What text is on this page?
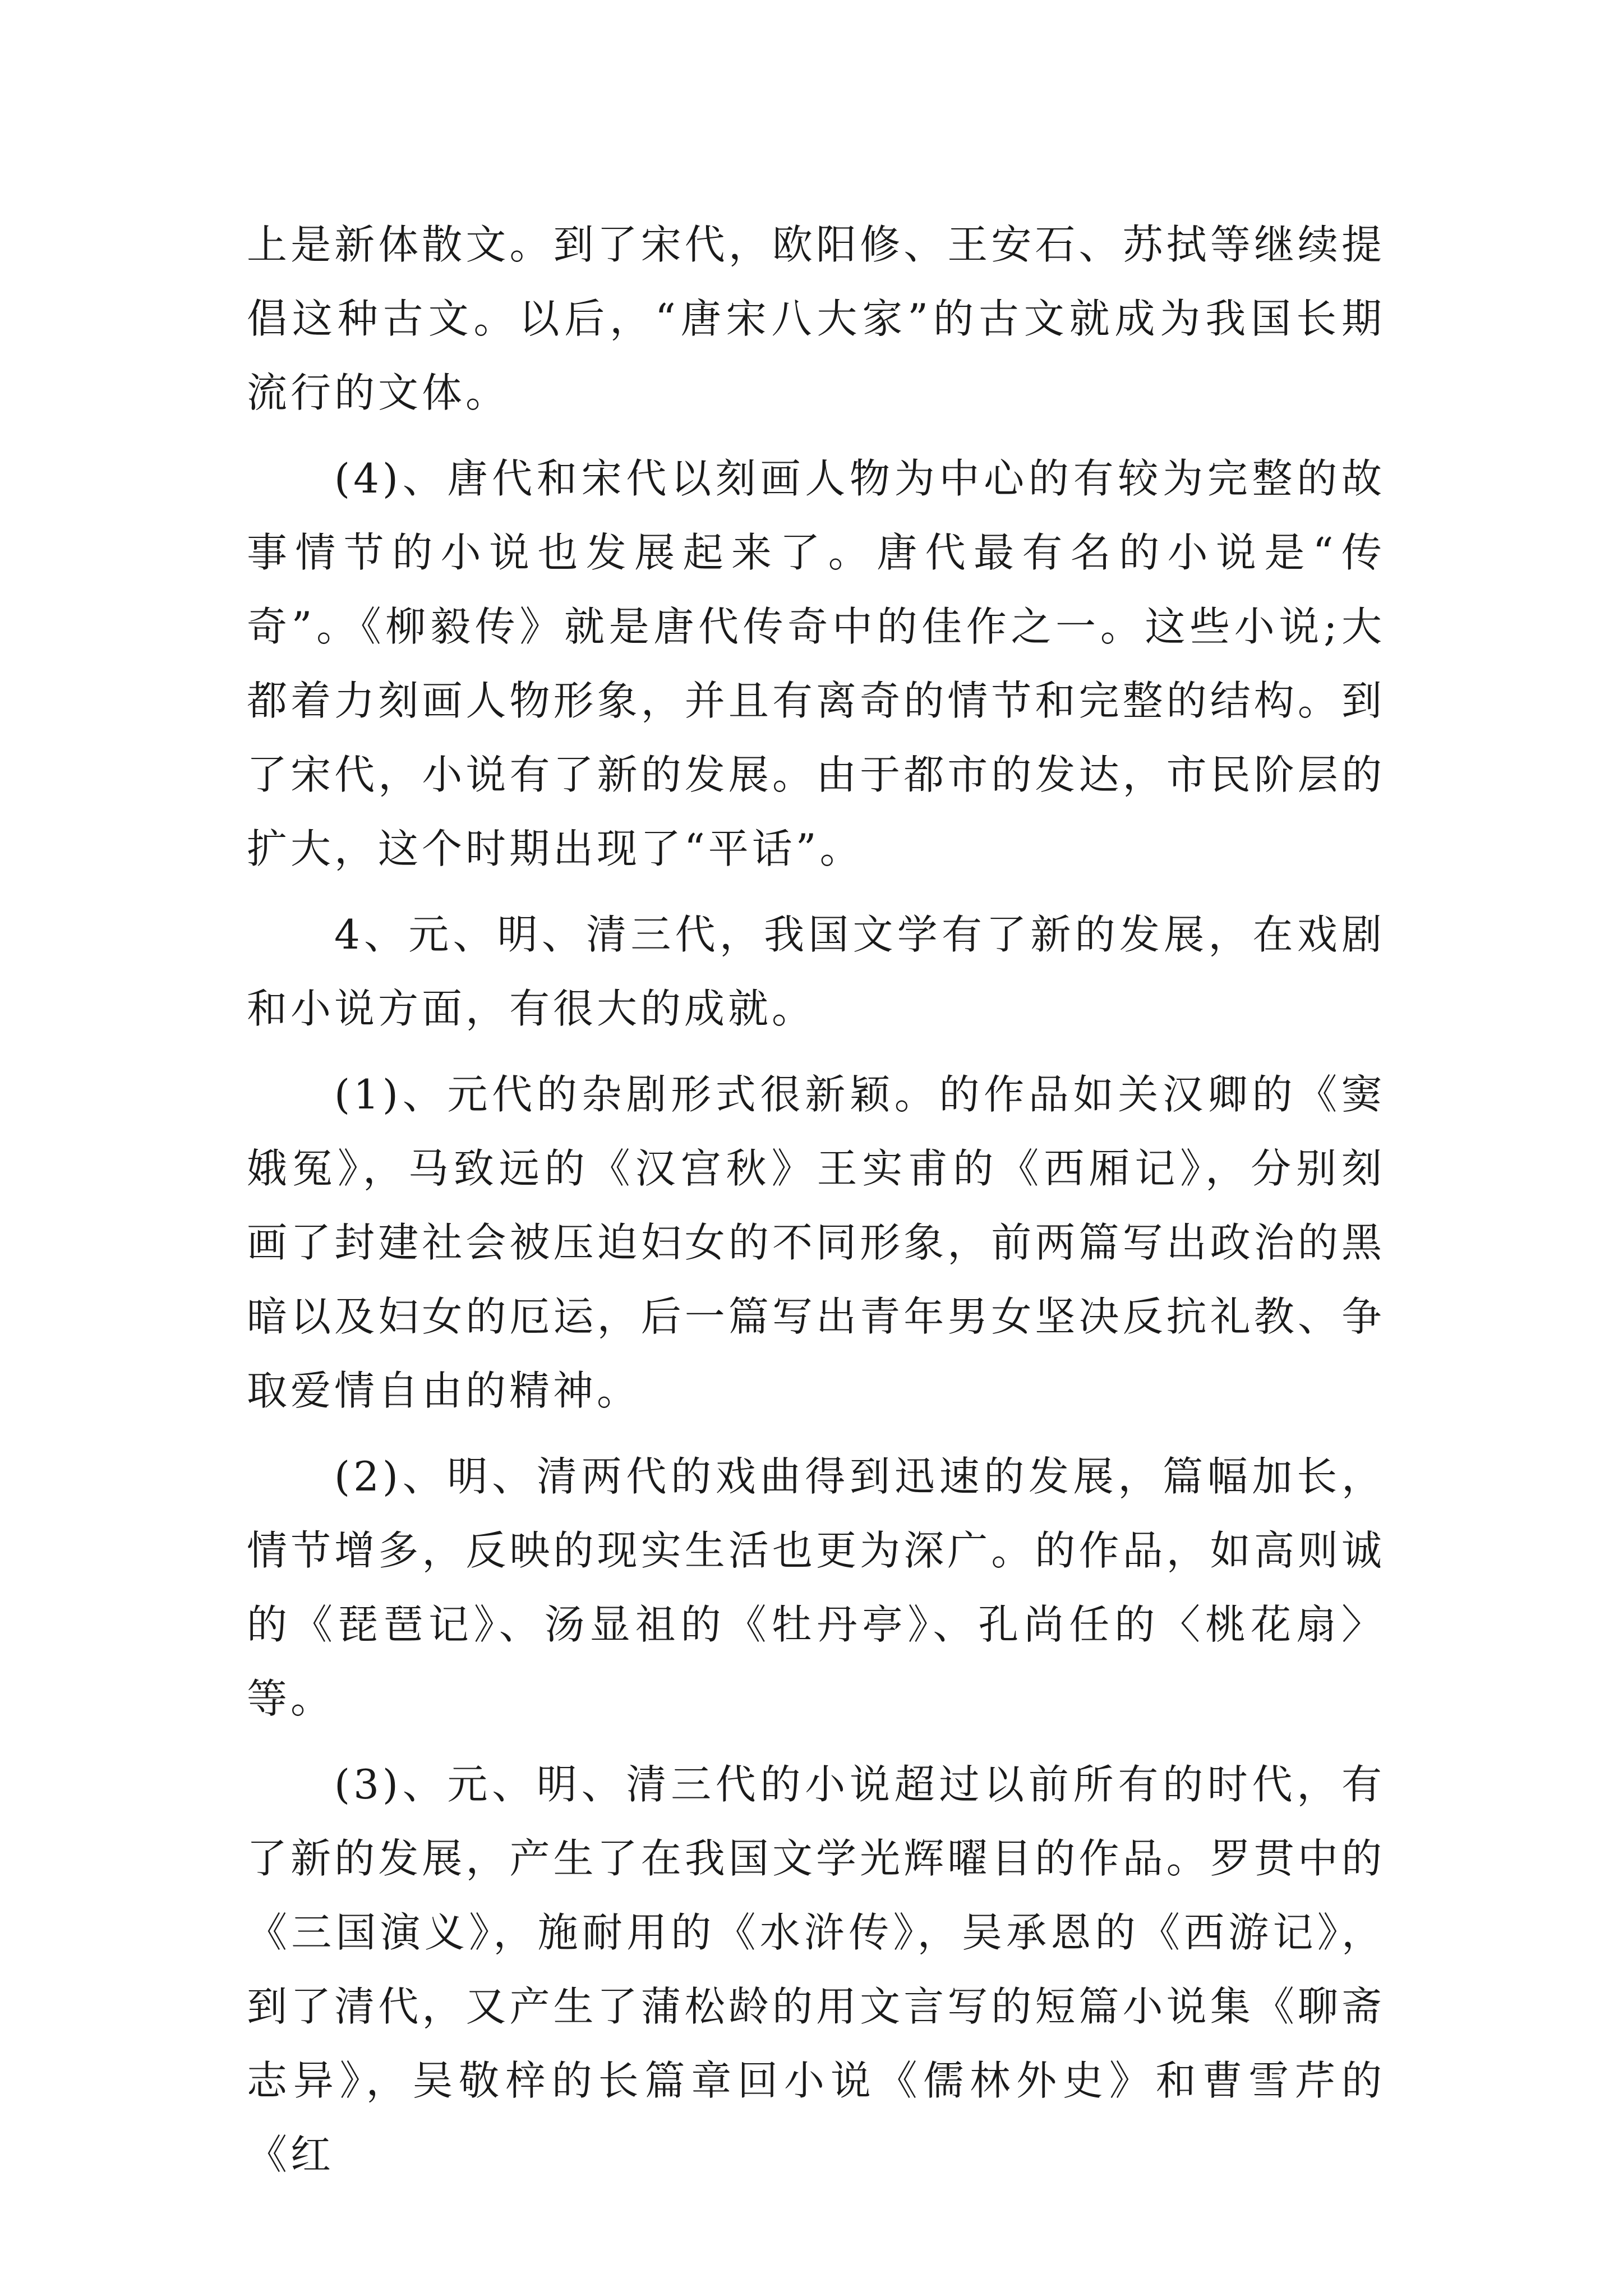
上是新体散文。到了宋代，欧阳修、王安石、苏拭等继续提倡这种古文。以后，“唐宋八大家”的古文就成为我国长期流行的文体。

(4)、唐代和宋代以刻画人物为中心的有较为完整的故事情节的小说也发展起来了。唐代最有名的小说是“传奇”。《柳毅传》就是唐代传奇中的佳作之一。这些小说;大都着力刻画人物形象，并且有离奇的情节和完整的结构。到了宋代，小说有了新的发展。由于都市的发达，市民阶层的扩大，这个时期出现了“平话”。

4、元、明、清三代，我国文学有了新的发展，在戏剧和小说方面，有很大的成就。

(1)、元代的杂剧形式很新颖。的作品如关汉卿的《窦娥冤》，马致远的《汉宫秋》王实甫的《西厢记》，分别刻画了封建社会被压迫妇女的不同形象，前两篇写出政治的黑暗以及妇女的厄运，后一篇写出青年男女坚决反抗礼教、争取爱情自由的精神。

(2)、明、清两代的戏曲得到迅速的发展，篇幅加长，情节增多，反映的现实生活也更为深广。的作品，如高则诚的《琵琶记》、汤显祖的《牡丹亭》、孔尚任的〈桃花扇〉等。

(3)、元、明、清三代的小说超过以前所有的时代，有了新的发展，产生了在我国文学光辉曜目的作品。罗贯中的《三国演义》，施耐用的《水浒传》，吴承恩的《西游记》，到了清代，又产生了蒲松龄的用文言写的短篇小说集《聊斋志异》，吴敬梓的长篇章回小说《儒林外史》和曹雪芹的《红
